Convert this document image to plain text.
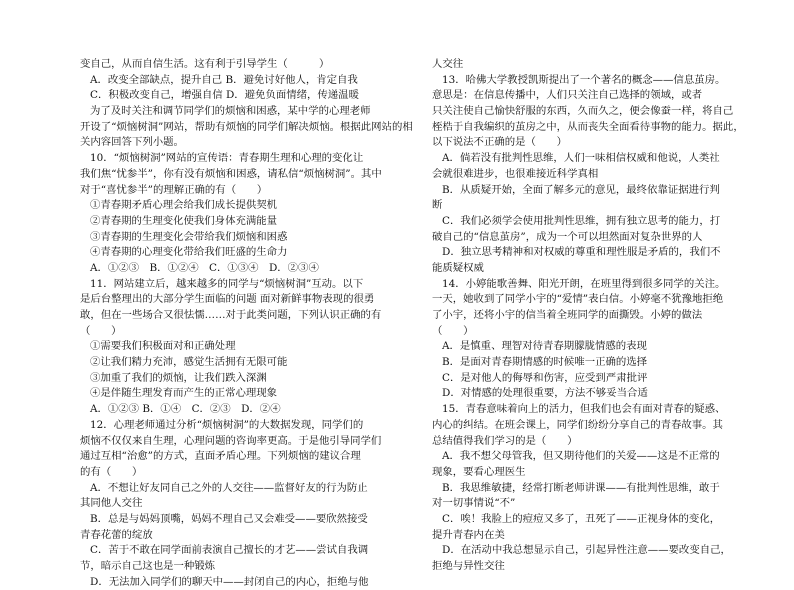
变自己，从而自信生活。这有利于引导学生（　　　）
A．改变全部缺点，提升自己 B．避免讨好他人，肯定自我
C．积极改变自己，增强自信 D．避免负面情绪，传递温暖
为了及时关注和调节同学们的烦恼和困惑，某中学的心理老师
开设了“烦恼树洞”网站，帮助有烦恼的同学们解决烦恼。根据此网站的相
关内容回答下列小题。
10．“烦恼树洞”网站的宣传语：青春期生理和心理的变化让
我们焦“忧参半”，你有没有烦恼和困惑，请私信“烦恼树洞”。其中
对于“喜忧参半”的理解正确的有（　　）
①青春期矛盾心理会给我们成长提供契机
②青春期的生理变化使我们身体充满能量
③青春期的生理变化会带给我们烦恼和困惑
④青春期的心理变化带给我们旺盛的生命力
A．①②③　B．①②④　C．①③④　D．②③④
11．网站建立后，越来越多的同学与“烦恼树洞”互动。以下
是后台整理出的大部分学生面临的问题 面对新鲜事物表现的很勇
敢，但在一些场合又很怯懦……对于此类问题，下列认识正确的有
（　　）
①需要我们积极面对和正确处理
②让我们精力充沛，感觉生活拥有无限可能
③加重了我们的烦恼，让我们跌入深渊
④是伴随生理发育而产生的正常心理现象
A．①②③ B．①④　C．②③　D．②④
12．心理老师通过分析“烦恼树洞”的大数据发现，同学们的
烦恼不仅仅来自生理，心理问题的咨询率更高。于是他引导同学们
通过互相“治愈”的方式，直面矛盾心理。下列烦恼的建议合理
的有（　　）
A．不想让好友同自己之外的人交往——监督好友的行为防止
其同他人交往
B．总是与妈妈顶嘴，妈妈不理自己又会难受——要欣然接受
青春花蕾的绽放
C．苦于不敢在同学面前表演自己擅长的才艺——尝试自我调
节，暗示自己这也是一种锻炼
D．无法加入同学们的聊天中——封闭自己的内心，拒绝与他
人交往
13．哈佛大学教授凯斯提出了一个著名的概念——信息茧房。
意思是：在信息传播中，人们只关注自己选择的领域，或者
只关注使自己愉快舒服的东西，久而久之，便会像蚕一样，将自己
桎梏于自我编织的茧房之中，从而丧失全面看待事物的能力。据此，
以下说法不正确的是（　　）
A．倘若没有批判性思维，人们一味相信权威和他说，人类社
会就很难进步，也很难接近科学真相
B．从质疑开始，全面了解多元的意见，最终依靠证据进行判
断
C．我们必须学会使用批判性思维，拥有独立思考的能力，打
破自己的“信息茧房”，成为一个可以坦然面对复杂世界的人
D．独立思考精神和对权威的尊重和理性服是矛盾的，我们不
能质疑权威
14．小婷能歌善舞、阳光开朗，在班里得到很多同学的关注。
一天，她收到了同学小宇的“爱情”表白信。小婷毫不犹豫地拒绝
了小宇，还将小宇的信当着全班同学的面撕毁。小婷的做法
（　　）
A．是慎重、理智对待青春期朦胧情感的表现
B．是面对青春期情感的时候唯一正确的选择
C．是对他人的侮辱和伤害，应受到严肃批评
D．对情感的处理很重要，方法不够妥当合适
15．青春意味着向上的活力，但我们也会有面对青春的疑惑、
内心的纠结。在班会课上，同学们纷纷分享自己的青春故事。其
总结值得我们学习的是（　　）
A．我不想父母管我，但又期待他们的关爱——这是不正常的
现象，要看心理医生
B．我思维敏捷，经常打断老师讲课——有批判性思维，敢于
对一切事情说“不”
C．唉！我脸上的痘痘又多了，丑死了——正视身体的变化，
提升青春内在美
D．在活动中我总想显示自己，引起异性注意——要改变自己，
拒绝与异性交往
